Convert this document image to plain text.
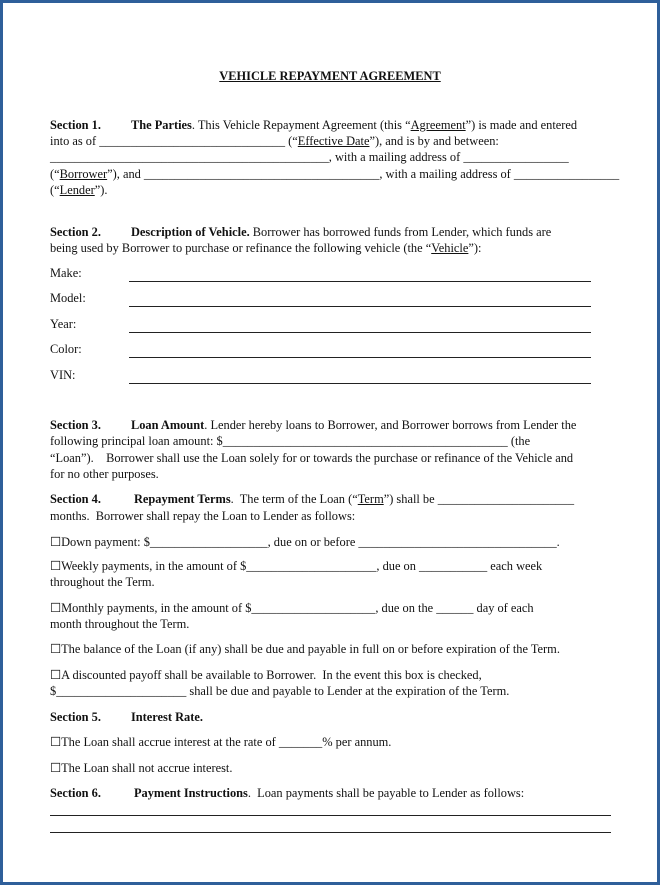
VEHICLE REPAYMENT AGREEMENT
Section 1. The Parties. This Vehicle Repayment Agreement (this “Agreement”) is made and entered
into as of ______________________________ (“Effective Date”), and is by and between:
_____________________________________________, with a mailing address of _________________
(“Borrower”), and ______________________________________, with a mailing address of _________________
(“Lender”).
Section 2. Description of Vehicle. Borrower has borrowed funds from Lender, which funds are
being used by Borrower to purchase or refinance the following vehicle (the “Vehicle”):
Make:
Model:
Year:
Color:
VIN:
Section 3. Loan Amount. Lender hereby loans to Borrower, and Borrower borrows from Lender the
following principal loan amount: $______________________________________________ (the
“Loan”).    Borrower shall use the Loan solely for or towards the purchase or refinance of the Vehicle and
for no other purposes.
Section 4.	Repayment Terms.  The term of the Loan (“Term”) shall be ______________________
months.  Borrower shall repay the Loan to Lender as follows:
☐Down payment: $___________________, due on or before ________________________________.
☐Weekly payments, in the amount of $_____________________, due on ___________ each week
throughout the Term.
☐Monthly payments, in the amount of $____________________, due on the ______ day of each
month throughout the Term.
☐The balance of the Loan (if any) shall be due and payable in full on or before expiration of the Term.
☐A discounted payoff shall be available to Borrower.  In the event this box is checked,
$_____________________ shall be due and payable to Lender at the expiration of the Term.
Section 5. Interest Rate.
☐The Loan shall accrue interest at the rate of _______% per annum.
☐The Loan shall not accrue interest.
Section 6.	Payment Instructions.  Loan payments shall be payable to Lender as follows:
